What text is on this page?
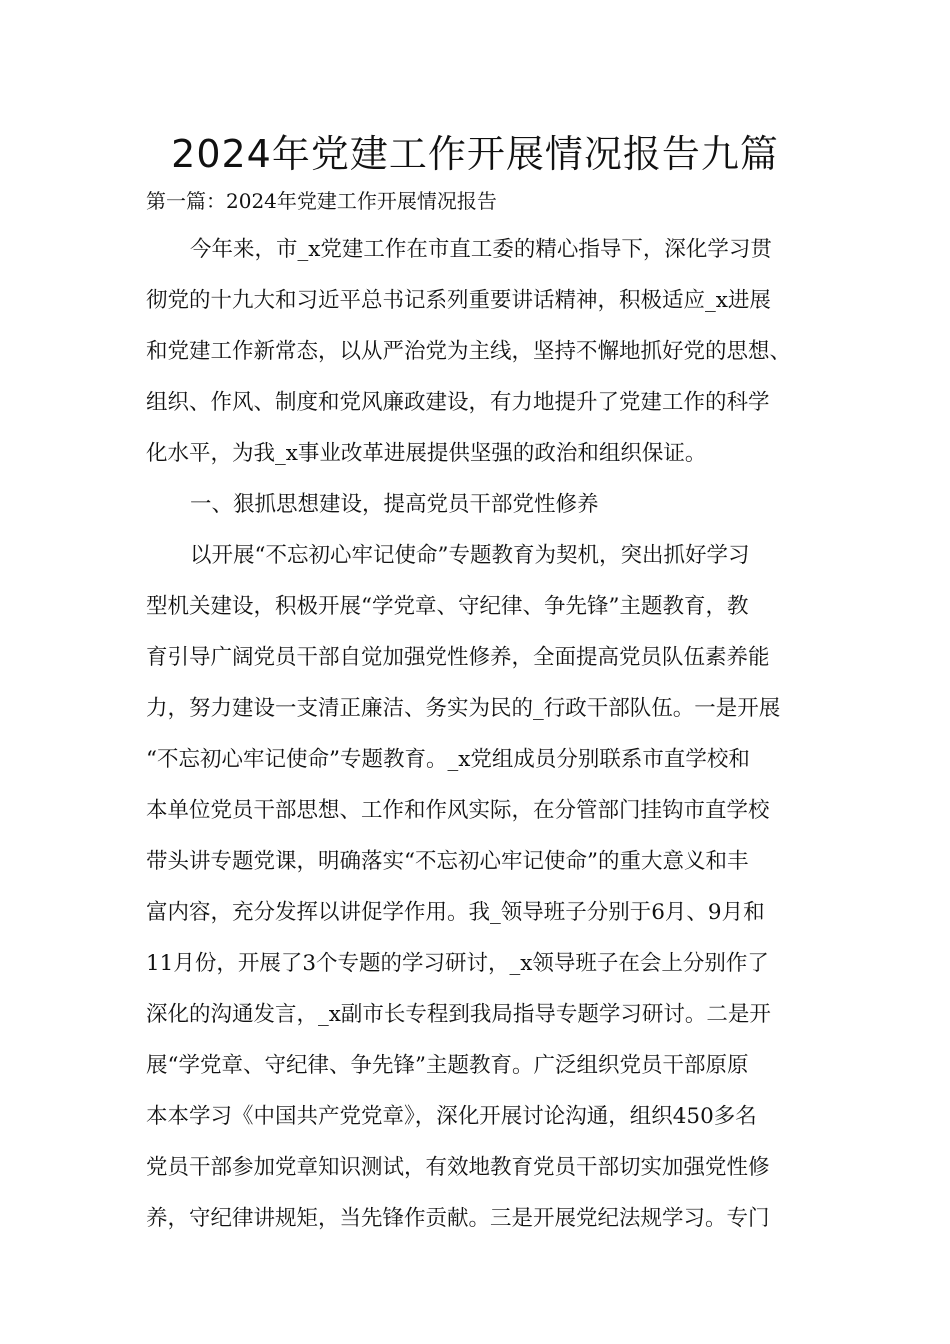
2024年党建工作开展情况报告九篇

第一篇：2024年党建工作开展情况报告

今年来，市_x党建工作在市直工委的精心指导下，深化学习贯

彻党的十九大和习近平总书记系列重要讲话精神，积极适应_x进展

和党建工作新常态，以从严治党为主线，坚持不懈地抓好党的思想、

组织、作风、制度和党风廉政建设，有力地提升了党建工作的科学

化水平，为我_x事业改革进展提供坚强的政治和组织保证。

一、狠抓思想建设，提高党员干部党性修养

以开展“不忘初心牢记使命”专题教育为契机，突出抓好学习

型机关建设，积极开展“学党章、守纪律、争先锋”主题教育，教

育引导广阔党员干部自觉加强党性修养，全面提高党员队伍素养能

力，努力建设一支清正廉洁、务实为民的_行政干部队伍。一是开展

“不忘初心牢记使命”专题教育。_x党组成员分别联系市直学校和

本单位党员干部思想、工作和作风实际，在分管部门挂钩市直学校

带头讲专题党课，明确落实“不忘初心牢记使命”的重大意义和丰

富内容，充分发挥以讲促学作用。我_领导班子分别于6月、9月和

11月份，开展了3个专题的学习研讨，_x领导班子在会上分别作了

深化的沟通发言，_x副市长专程到我局指导专题学习研讨。二是开

展“学党章、守纪律、争先锋”主题教育。广泛组织党员干部原原

本本学习《中国共产党党章》，深化开展讨论沟通，组织450多名

党员干部参加党章知识测试，有效地教育党员干部切实加强党性修

养，守纪律讲规矩，当先锋作贡献。三是开展党纪法规学习。专门
